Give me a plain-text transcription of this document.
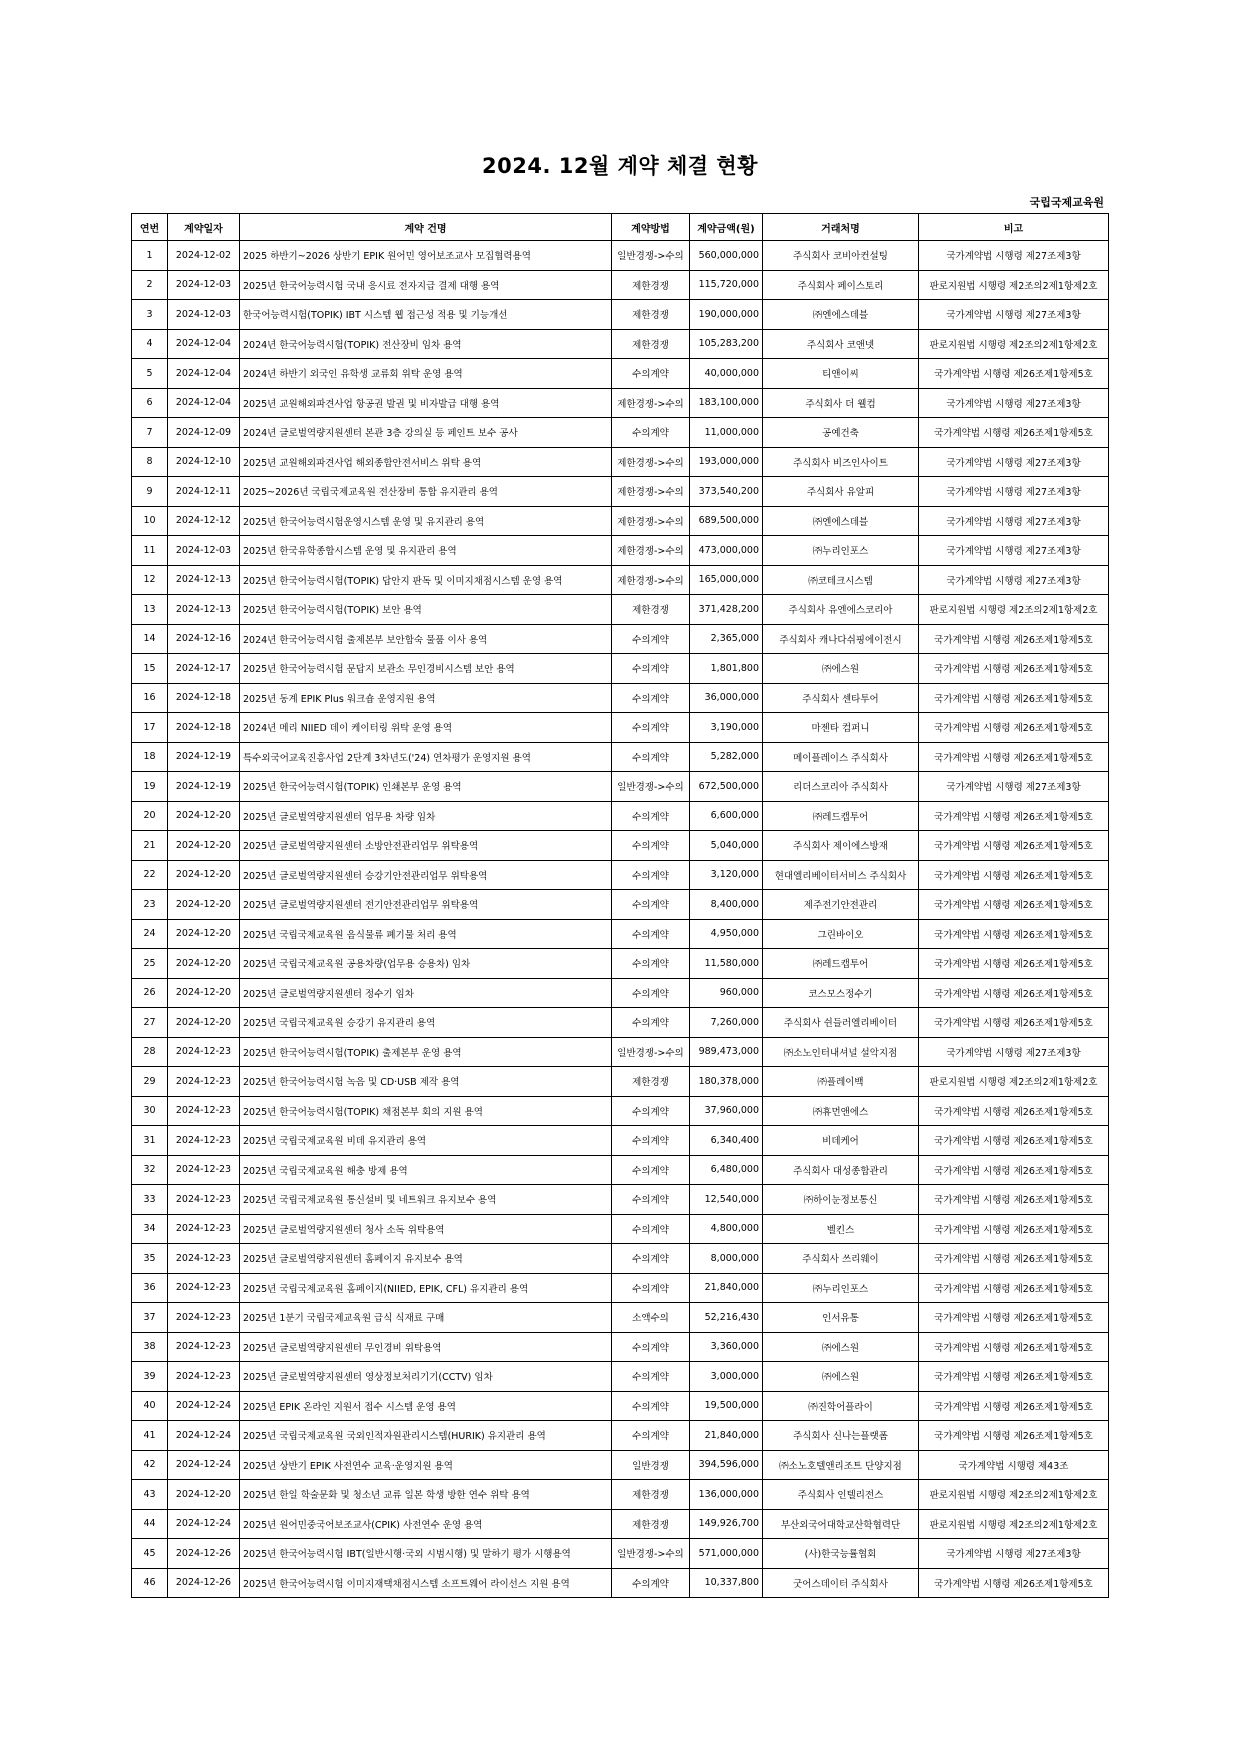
2024. 12월 계약 체결 현황
국립국제교육원
연번	계약일자	계약 건명	계약방법	계약금액(원)	거래처명	비고
1	2024-12-02	2025 하반기~2026 상반기 EPIK 원어민 영어보조교사 모집협력용역	일반경쟁->수의	560,000,000	주식회사 코비아컨설팅	국가계약법 시행령 제27조제3항
2	2024-12-03	2025년 한국어능력시험 국내 응시료 전자지급 결제 대행 용역	제한경쟁	115,720,000	주식회사 페이스토리	판로지원법 시행령 제2조의2제1항제2호
3	2024-12-03	한국어능력시험(TOPIK) IBT 시스템 웹 접근성 적용 및 기능개선	제한경쟁	190,000,000	㈜엔에스데블	국가계약법 시행령 제27조제3항
4	2024-12-04	2024년 한국어능력시험(TOPIK) 전산장비 임차 용역	제한경쟁	105,283,200	주식회사 코앤넷	판로지원법 시행령 제2조의2제1항제2호
5	2024-12-04	2024년 하반기 외국인 유학생 교류회 위탁 운영 용역	수의계약	40,000,000	티앤이씨	국가계약법 시행령 제26조제1항제5호
6	2024-12-04	2025년 교원해외파견사업 항공권 발권 및 비자발급 대행 용역	제한경쟁->수의	183,100,000	주식회사 더 웰컴	국가계약법 시행령 제27조제3항
7	2024-12-09	2024년 글로벌역량지원센터 본관 3층 강의실 등 페인트 보수 공사	수의계약	11,000,000	공예건축	국가계약법 시행령 제26조제1항제5호
8	2024-12-10	2025년 교원해외파견사업 해외종합안전서비스 위탁 용역	제한경쟁->수의	193,000,000	주식회사 비즈인사이트	국가계약법 시행령 제27조제3항
9	2024-12-11	2025~2026년 국립국제교육원 전산장비 통합 유지관리 용역	제한경쟁->수의	373,540,200	주식회사 유알피	국가계약법 시행령 제27조제3항
10	2024-12-12	2025년 한국어능력시험운영시스템 운영 및 유지관리 용역	제한경쟁->수의	689,500,000	㈜엔에스데블	국가계약법 시행령 제27조제3항
11	2024-12-03	2025년 한국유학종합시스템 운영 및 유지관리 용역	제한경쟁->수의	473,000,000	㈜누리인포스	국가계약법 시행령 제27조제3항
12	2024-12-13	2025년 한국어능력시험(TOPIK) 답안지 판독 및 이미지채점시스템 운영 용역	제한경쟁->수의	165,000,000	㈜코테크시스템	국가계약법 시행령 제27조제3항
13	2024-12-13	2025년 한국어능력시험(TOPIK) 보안 용역	제한경쟁	371,428,200	주식회사 유엔에스코리아	판로지원법 시행령 제2조의2제1항제2호
14	2024-12-16	2024년 한국어능력시험 출제본부 보안합숙 물품 이사 용역	수의계약	2,365,000	주식회사 캐나다쉬핑에이전시	국가계약법 시행령 제26조제1항제5호
15	2024-12-17	2025년 한국어능력시험 문답지 보관소 무인경비시스템 보안 용역	수의계약	1,801,800	㈜에스원	국가계약법 시행령 제26조제1항제5호
16	2024-12-18	2025년 동계 EPIK Plus 워크숍 운영지원 용역	수의계약	36,000,000	주식회사 센타투어	국가계약법 시행령 제26조제1항제5호
17	2024-12-18	2024년 메리 NIIED 데이 케이터링 위탁 운영 용역	수의계약	3,190,000	마젠타 컴퍼니	국가계약법 시행령 제26조제1항제5호
18	2024-12-19	특수외국어교육진흥사업 2단계 3차년도('24) 연차평가 운영지원 용역	수의계약	5,282,000	메이플레이스 주식회사	국가계약법 시행령 제26조제1항제5호
19	2024-12-19	2025년 한국어능력시험(TOPIK) 인쇄본부 운영 용역	일반경쟁->수의	672,500,000	리더스코리아 주식회사	국가계약법 시행령 제27조제3항
20	2024-12-20	2025년 글로벌역량지원센터 업무용 차량 임차	수의계약	6,600,000	㈜레드캡투어	국가계약법 시행령 제26조제1항제5호
21	2024-12-20	2025년 글로벌역량지원센터 소방안전관리업무 위탁용역	수의계약	5,040,000	주식회사 제이에스방재	국가계약법 시행령 제26조제1항제5호
22	2024-12-20	2025년 글로벌역량지원센터 승강기안전관리업무 위탁용역	수의계약	3,120,000	현대엘리베이터서비스 주식회사	국가계약법 시행령 제26조제1항제5호
23	2024-12-20	2025년 글로벌역량지원센터 전기안전관리업무 위탁용역	수의계약	8,400,000	제주전기안전관리	국가계약법 시행령 제26조제1항제5호
24	2024-12-20	2025년 국립국제교육원 음식물류 폐기물 처리 용역	수의계약	4,950,000	그린바이오	국가계약법 시행령 제26조제1항제5호
25	2024-12-20	2025년 국립국제교육원 공용차량(업무용 승용차) 임차	수의계약	11,580,000	㈜레드캡투어	국가계약법 시행령 제26조제1항제5호
26	2024-12-20	2025년 글로벌역량지원센터 정수기 임차	수의계약	960,000	코스모스정수기	국가계약법 시행령 제26조제1항제5호
27	2024-12-20	2025년 국립국제교육원 승강기 유지관리 용역	수의계약	7,260,000	주식회사 쉰들러엘리베이터	국가계약법 시행령 제26조제1항제5호
28	2024-12-23	2025년 한국어능력시험(TOPIK) 출제본부 운영 용역	일반경쟁->수의	989,473,000	㈜소노인터내셔널 설악지점	국가계약법 시행령 제27조제3항
29	2024-12-23	2025년 한국어능력시험 녹음 및 CD·USB 제작 용역	제한경쟁	180,378,000	㈜플레이백	판로지원법 시행령 제2조의2제1항제2호
30	2024-12-23	2025년 한국어능력시험(TOPIK) 채점본부 회의 지원 용역	수의계약	37,960,000	㈜휴먼앤에스	국가계약법 시행령 제26조제1항제5호
31	2024-12-23	2025년 국립국제교육원 비데 유지관리 용역	수의계약	6,340,400	비데케어	국가계약법 시행령 제26조제1항제5호
32	2024-12-23	2025년 국립국제교육원 해충 방제 용역	수의계약	6,480,000	주식회사 대성종합관리	국가계약법 시행령 제26조제1항제5호
33	2024-12-23	2025년 국립국제교육원 통신설비 및 네트워크 유지보수 용역	수의계약	12,540,000	㈜하이눈정보통신	국가계약법 시행령 제26조제1항제5호
34	2024-12-23	2025년 글로벌역량지원센터 청사 소독 위탁용역	수의계약	4,800,000	벨킨스	국가계약법 시행령 제26조제1항제5호
35	2024-12-23	2025년 글로벌역량지원센터 홈페이지 유지보수 용역	수의계약	8,000,000	주식회사 쓰리웨이	국가계약법 시행령 제26조제1항제5호
36	2024-12-23	2025년 국립국제교육원 홈페이지(NIIED, EPIK, CFL) 유지관리 용역	수의계약	21,840,000	㈜누리인포스	국가계약법 시행령 제26조제1항제5호
37	2024-12-23	2025년 1분기 국립국제교육원 급식 식재료 구매	소액수의	52,216,430	인서유통	국가계약법 시행령 제26조제1항제5호
38	2024-12-23	2025년 글로벌역량지원센터 무인경비 위탁용역	수의계약	3,360,000	㈜에스원	국가계약법 시행령 제26조제1항제5호
39	2024-12-23	2025년 글로벌역량지원센터 영상정보처리기기(CCTV) 임차	수의계약	3,000,000	㈜에스원	국가계약법 시행령 제26조제1항제5호
40	2024-12-24	2025년 EPIK 온라인 지원서 접수 시스템 운영 용역	수의계약	19,500,000	㈜진학어플라이	국가계약법 시행령 제26조제1항제5호
41	2024-12-24	2025년 국립국제교육원 국외인적자원관리시스템(HURIK) 유지관리 용역	수의계약	21,840,000	주식회사 신나는플랫폼	국가계약법 시행령 제26조제1항제5호
42	2024-12-24	2025년 상반기 EPIK 사전연수 교육·운영지원 용역	일반경쟁	394,596,000	㈜소노호텔앤리조트 단양지점	국가계약법 시행령 제43조
43	2024-12-20	2025년 한일 학술문화 및 청소년 교류 일본 학생 방한 연수 위탁 용역	제한경쟁	136,000,000	주식회사 인텔리전스	판로지원법 시행령 제2조의2제1항제2호
44	2024-12-24	2025년 원어민중국어보조교사(CPIK) 사전연수 운영 용역	제한경쟁	149,926,700	부산외국어대학교산학협력단	판로지원법 시행령 제2조의2제1항제2호
45	2024-12-26	2025년 한국어능력시험 IBT(일반시행·국외 시범시행) 및 말하기 평가 시행용역	일반경쟁->수의	571,000,000	(사)한국능률협회	국가계약법 시행령 제27조제3항
46	2024-12-26	2025년 한국어능력시험 이미지재택채점시스템 소프트웨어 라이선스 지원 용역	수의계약	10,337,800	굿어스데이터 주식회사	국가계약법 시행령 제26조제1항제5호
